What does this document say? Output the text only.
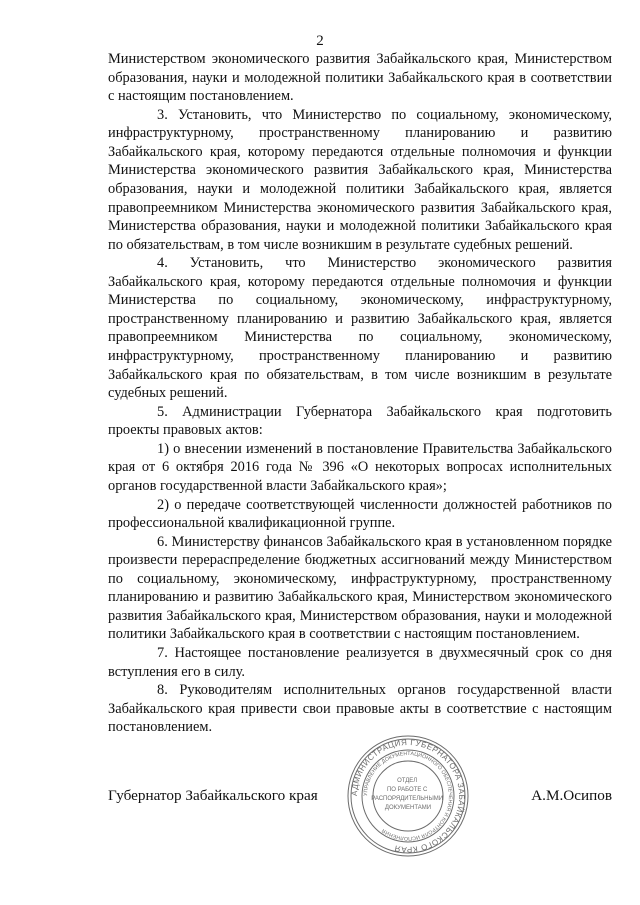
2

Министерством экономического развития Забайкальского края, Министерством образования, науки и молодежной политики Забайкальского края в соответствии с настоящим постановлением.

3. Установить, что Министерство по социальному, экономическому, инфраструктурному, пространственному планированию и развитию Забайкальского края, которому передаются отдельные полномочия и функции Министерства экономического развития Забайкальского края, Министерства образования, науки и молодежной политики Забайкальского края, является правопреемником Министерства экономического развития Забайкальского края, Министерства образования, науки и молодежной политики Забайкальского края по обязательствам, в том числе возникшим в результате судебных решений.

4. Установить, что Министерство экономического развития Забайкальского края, которому передаются отдельные полномочия и функции Министерства по социальному, экономическому, инфраструктурному, пространственному планированию и развитию Забайкальского края, является правопреемником Министерства по социальному, экономическому, инфраструктурному, пространственному планированию и развитию Забайкальского края по обязательствам, в том числе возникшим в результате судебных решений.

5. Администрации Губернатора Забайкальского края подготовить проекты правовых актов:

1) о внесении изменений в постановление Правительства Забайкальского края от 6 октября 2016 года № 396 «О некоторых вопросах исполнительных органов государственной власти Забайкальского края»;

2) о передаче соответствующей численности должностей работников по профессиональной квалификационной группе.

6. Министерству финансов Забайкальского края в установленном порядке произвести перераспределение бюджетных ассигнований между Министерством по социальному, экономическому, инфраструктурному, пространственному планированию и развитию Забайкальского края, Министерством экономического развития Забайкальского края, Министерством образования, науки и молодежной политики Забайкальского края в соответствии с настоящим постановлением.

7. Настоящее постановление реализуется в двухмесячный срок со дня вступления его в силу.

8. Руководителям исполнительных органов государственной власти Забайкальского края привести свои правовые акты в соответствие с настоящим постановлением.

Губернатор Забайкальского края	А.М.Осипов
АДМИНИСТРАЦИЯ ГУБЕРНАТОРА ЗАБАЙКАЛЬСКОГО КРАЯ
УПРАВЛЕНИЕ ДОКУМЕНТАЦИОННОГО ОБЕСПЕЧЕНИЯ И КОНТРОЛЯ ИСПОЛНЕНИЯ
ОТДЕЛ ПО РАБОТЕ С РАСПОРЯДИТЕЛЬНЫМИ ДОКУМЕНТАМИ
